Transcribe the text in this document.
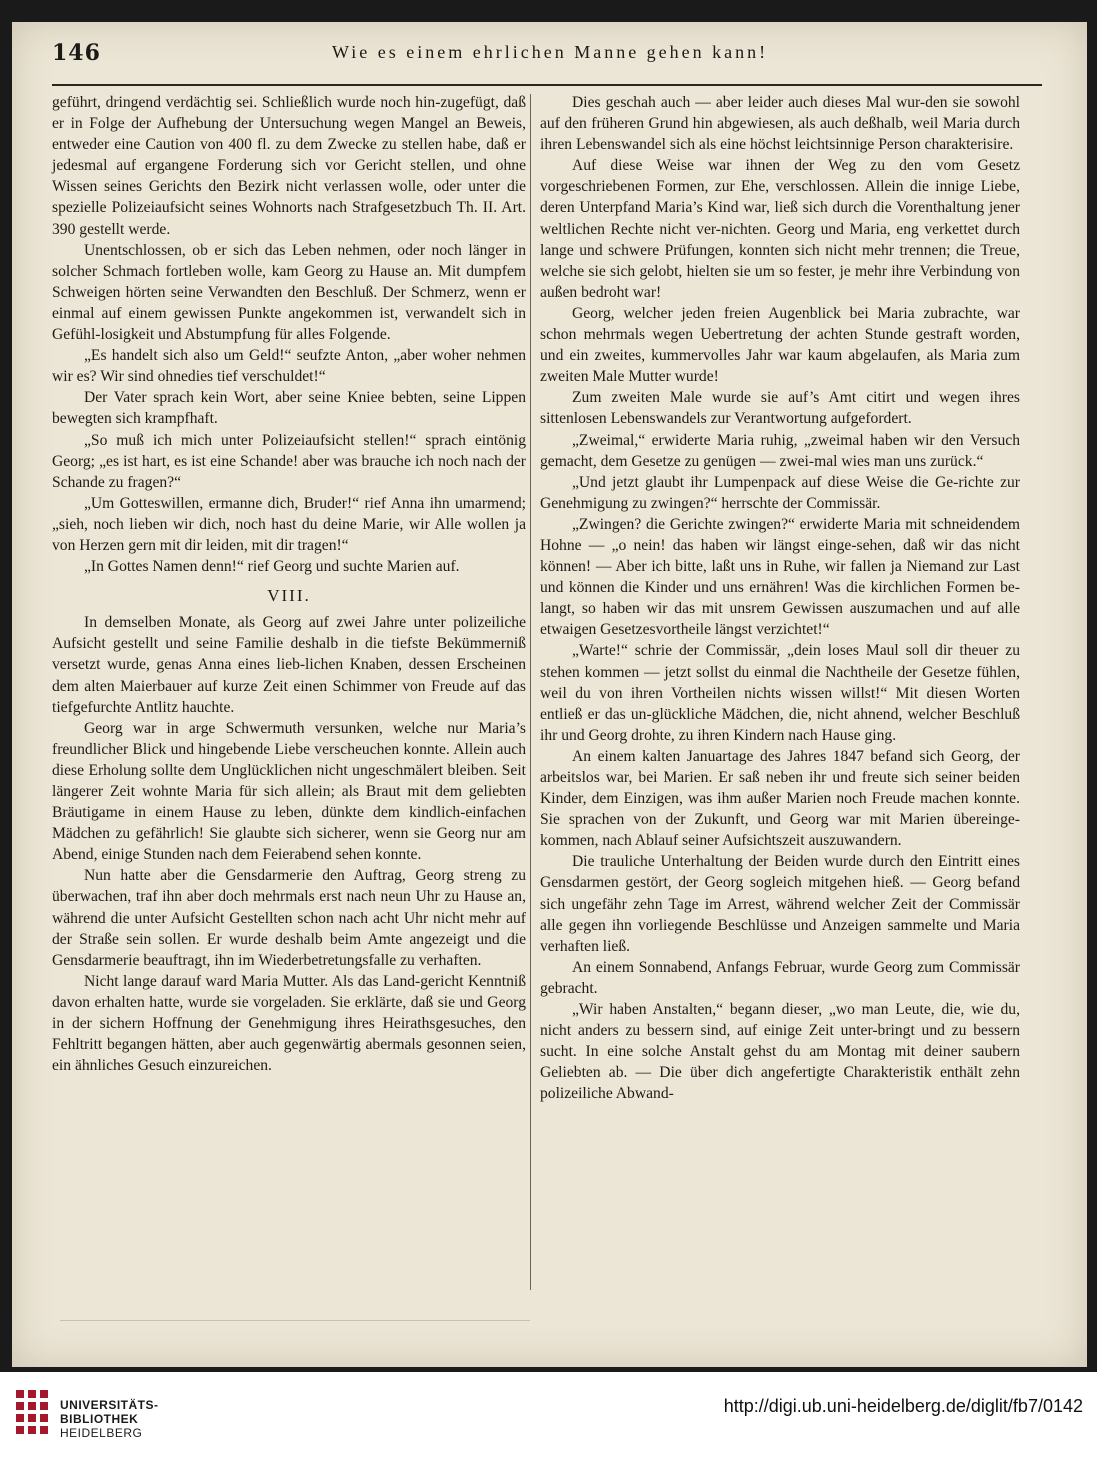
146	Wie es einem ehrlichen Manne gehen kann!

geführt, dringend verdächtig sei. Schließlich wurde noch hin-zugefügt, daß er in Folge der Aufhebung der Untersuchung wegen Mangel an Beweis, entweder eine Caution von 400 fl. zu dem Zwecke zu stellen habe, daß er jedesmal auf ergangene Forderung sich vor Gericht stellen, und ohne Wissen seines Gerichts den Bezirk nicht verlassen wolle, oder unter die spezielle Polizeiaufsicht seines Wohnorts nach Strafgesetzbuch Th. II. Art. 390 gestellt werde.

Unentschlossen, ob er sich das Leben nehmen, oder noch länger in solcher Schmach fortleben wolle, kam Georg zu Hause an. Mit dumpfem Schweigen hörten seine Verwandten den Beschluß. Der Schmerz, wenn er einmal auf einem gewissen Punkte angekommen ist, verwandelt sich in Gefühl-losigkeit und Abstumpfung für alles Folgende.

„Es handelt sich also um Geld!“ seufzte Anton, „aber woher nehmen wir es? Wir sind ohnedies tief verschuldet!“

Der Vater sprach kein Wort, aber seine Kniee bebten, seine Lippen bewegten sich krampfhaft.

„So muß ich mich unter Polizeiaufsicht stellen!“ sprach eintönig Georg; „es ist hart, es ist eine Schande! aber was brauche ich noch nach der Schande zu fragen?“

„Um Gotteswillen, ermanne dich, Bruder!“ rief Anna ihn umarmend; „sieh, noch lieben wir dich, noch hast du deine Marie, wir Alle wollen ja von Herzen gern mit dir leiden, mit dir tragen!“

„In Gottes Namen denn!“ rief Georg und suchte Marien auf.

VIII.

In demselben Monate, als Georg auf zwei Jahre unter polizeiliche Aufsicht gestellt und seine Familie deshalb in die tiefste Bekümmerniß versetzt wurde, genas Anna eines lieb-lichen Knaben, dessen Erscheinen dem alten Maierbauer auf kurze Zeit einen Schimmer von Freude auf das tiefgefurchte Antlitz hauchte.

Georg war in arge Schwermuth versunken, welche nur Maria’s freundlicher Blick und hingebende Liebe verscheuchen konnte. Allein auch diese Erholung sollte dem Unglücklichen nicht ungeschmälert bleiben. Seit längerer Zeit wohnte Maria für sich allein; als Braut mit dem geliebten Bräutigame in einem Hause zu leben, dünkte dem kindlich-einfachen Mädchen zu gefährlich! Sie glaubte sich sicherer, wenn sie Georg nur am Abend, einige Stunden nach dem Feierabend sehen konnte.

Nun hatte aber die Gensdarmerie den Auftrag, Georg streng zu überwachen, traf ihn aber doch mehrmals erst nach neun Uhr zu Hause an, während die unter Aufsicht Gestellten schon nach acht Uhr nicht mehr auf der Straße sein sollen. Er wurde deshalb beim Amte angezeigt und die Gensdarmerie beauftragt, ihn im Wiederbetretungsfalle zu verhaften.

Nicht lange darauf ward Maria Mutter. Als das Land-gericht Kenntniß davon erhalten hatte, wurde sie vorgeladen. Sie erklärte, daß sie und Georg in der sichern Hoffnung der Genehmigung ihres Heirathsgesuches, den Fehltritt begangen hätten, aber auch gegenwärtig abermals gesonnen seien, ein ähnliches Gesuch einzureichen.

Dies geschah auch — aber leider auch dieses Mal wur-den sie sowohl auf den früheren Grund hin abgewiesen, als auch deßhalb, weil Maria durch ihren Lebenswandel sich als eine höchst leichtsinnige Person charakterisire.

Auf diese Weise war ihnen der Weg zu den vom Gesetz vorgeschriebenen Formen, zur Ehe, verschlossen. Allein die innige Liebe, deren Unterpfand Maria’s Kind war, ließ sich durch die Vorenthaltung jener weltlichen Rechte nicht ver-nichten. Georg und Maria, eng verkettet durch lange und schwere Prüfungen, konnten sich nicht mehr trennen; die Treue, welche sie sich gelobt, hielten sie um so fester, je mehr ihre Verbindung von außen bedroht war!

Georg, welcher jeden freien Augenblick bei Maria zubrachte, war schon mehrmals wegen Uebertretung der achten Stunde gestraft worden, und ein zweites, kummervolles Jahr war kaum abgelaufen, als Maria zum zweiten Male Mutter wurde!

Zum zweiten Male wurde sie auf’s Amt citirt und wegen ihres sittenlosen Lebenswandels zur Verantwortung aufgefordert.

„Zweimal,“ erwiderte Maria ruhig, „zweimal haben wir den Versuch gemacht, dem Gesetze zu genügen — zwei-mal wies man uns zurück.“

„Und jetzt glaubt ihr Lumpenpack auf diese Weise die Ge-richte zur Genehmigung zu zwingen?“ herrschte der Commissär.

„Zwingen? die Gerichte zwingen?“ erwiderte Maria mit schneidendem Hohne — „o nein! das haben wir längst einge-sehen, daß wir das nicht können! — Aber ich bitte, laßt uns in Ruhe, wir fallen ja Niemand zur Last und können die Kinder und uns ernähren! Was die kirchlichen Formen be-langt, so haben wir das mit unsrem Gewissen auszumachen und auf alle etwaigen Gesetzesvortheile längst verzichtet!“

„Warte!“ schrie der Commissär, „dein loses Maul soll dir theuer zu stehen kommen — jetzt sollst du einmal die Nachtheile der Gesetze fühlen, weil du von ihren Vortheilen nichts wissen willst!“ Mit diesen Worten entließ er das un-glückliche Mädchen, die, nicht ahnend, welcher Beschluß ihr und Georg drohte, zu ihren Kindern nach Hause ging.

An einem kalten Januartage des Jahres 1847 befand sich Georg, der arbeitslos war, bei Marien. Er saß neben ihr und freute sich seiner beiden Kinder, dem Einzigen, was ihm außer Marien noch Freude machen konnte. Sie sprachen von der Zukunft, und Georg war mit Marien übereinge-kommen, nach Ablauf seiner Aufsichtszeit auszuwandern.

Die trauliche Unterhaltung der Beiden wurde durch den Eintritt eines Gensdarmen gestört, der Georg sogleich mitgehen hieß. — Georg befand sich ungefähr zehn Tage im Arrest, während welcher Zeit der Commissär alle gegen ihn vorliegende Beschlüsse und Anzeigen sammelte und Maria verhaften ließ.

An einem Sonnabend, Anfangs Februar, wurde Georg zum Commissär gebracht.

„Wir haben Anstalten,“ begann dieser, „wo man Leute, die, wie du, nicht anders zu bessern sind, auf einige Zeit unter-bringt und zu bessern sucht. In eine solche Anstalt gehst du am Montag mit deiner saubern Geliebten ab. — Die über dich angefertigte Charakteristik enthält zehn polizeiliche Abwand-

UNIVERSITÄTS-
BIBLIOTHEK
HEIDELBERG
http://digi.ub.uni-heidelberg.de/diglit/fb7/0142
